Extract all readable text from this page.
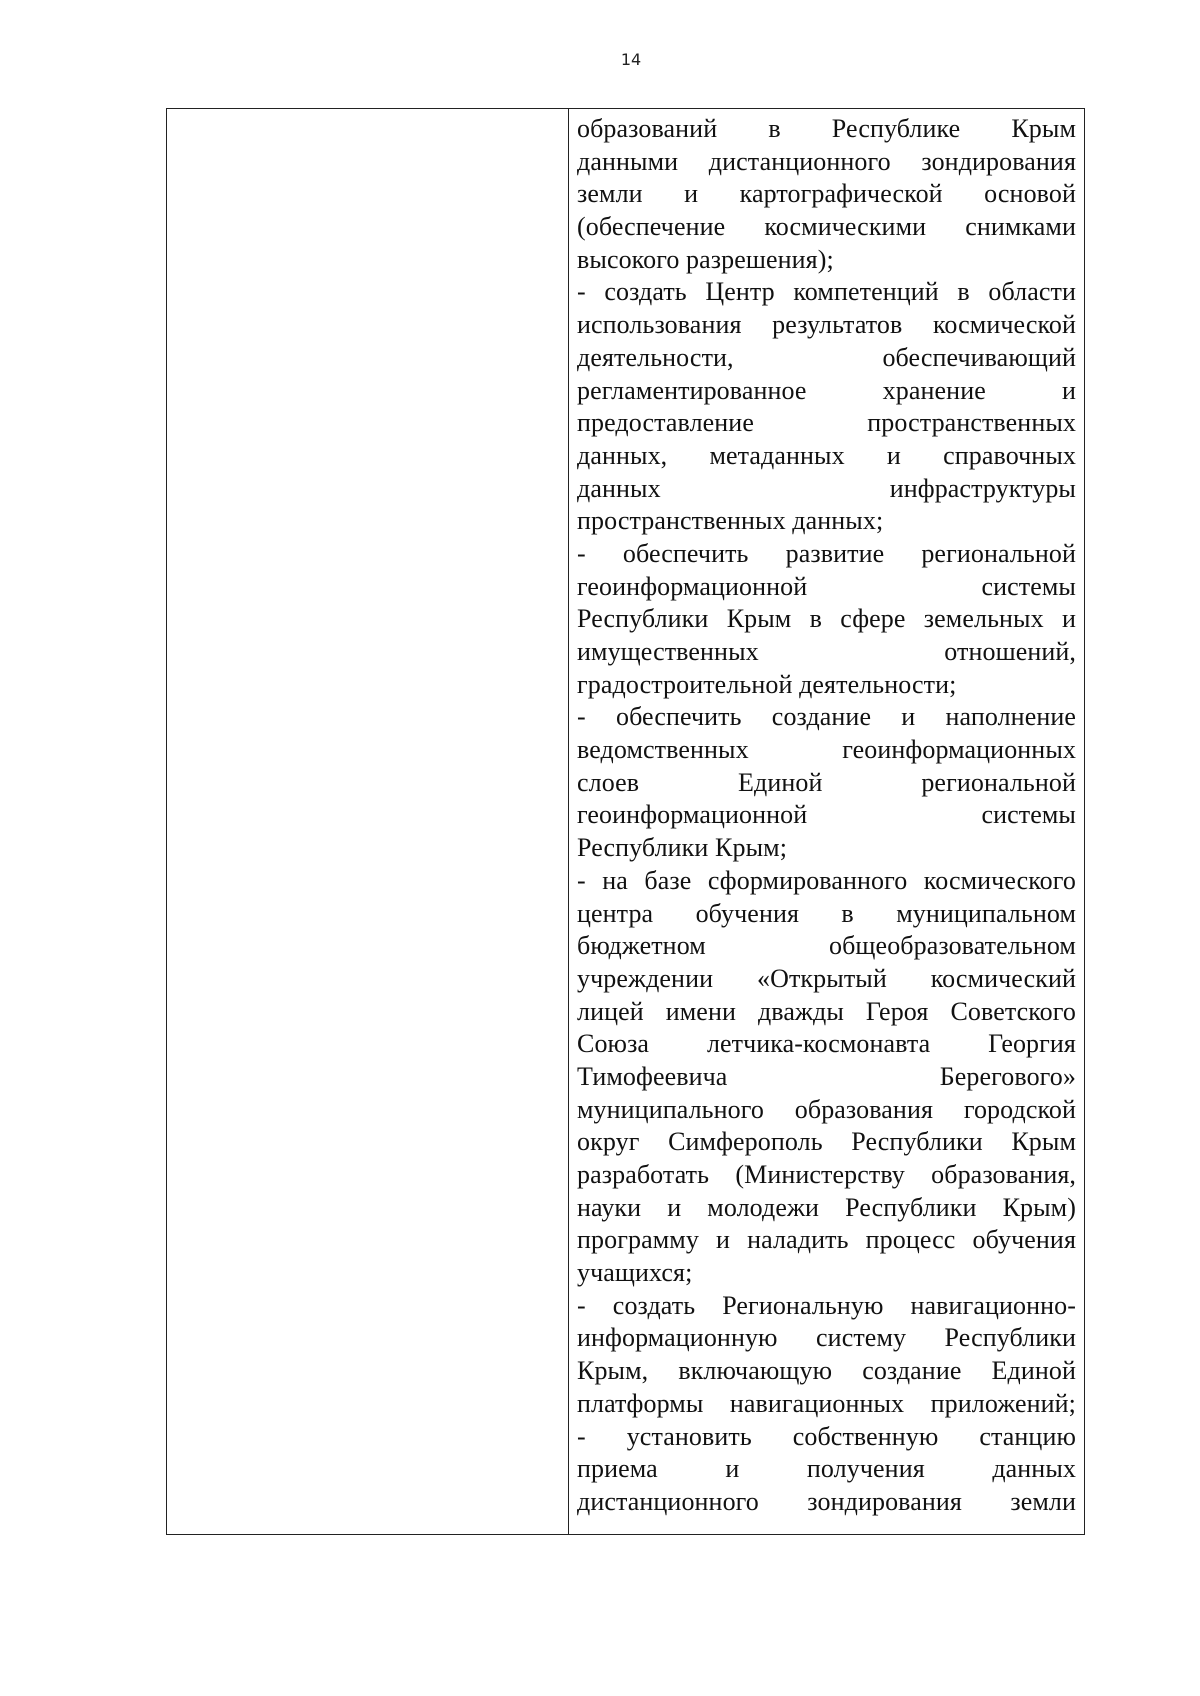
14
образований в Республике Крым
данными дистанционного зондирования
земли и картографической основой
(обеспечение космическими снимками
высокого разрешения);
- создать Центр компетенций в области
использования результатов космической
деятельности, обеспечивающий
регламентированное хранение и
предоставление пространственных
данных, метаданных и справочных
данных инфраструктуры
пространственных данных;
- обеспечить развитие региональной
геоинформационной системы
Республики Крым в сфере земельных и
имущественных отношений,
градостроительной деятельности;
- обеспечить создание и наполнение
ведомственных геоинформационных
слоев Единой региональной
геоинформационной системы
Республики Крым;
- на базе сформированного космического
центра обучения в муниципальном
бюджетном общеобразовательном
учреждении «Открытый космический
лицей имени дважды Героя Советского
Союза летчика-космонавта Георгия
Тимофеевича Берегового»
муниципального образования городской
округ Симферополь Республики Крым
разработать (Министерству образования,
науки и молодежи Республики Крым)
программу и наладить процесс обучения
учащихся;
- создать Региональную навигационно-
информационную систему Республики
Крым, включающую создание Единой
платформы навигационных приложений;
- установить собственную станцию
приема и получения данных
дистанционного зондирования земли
